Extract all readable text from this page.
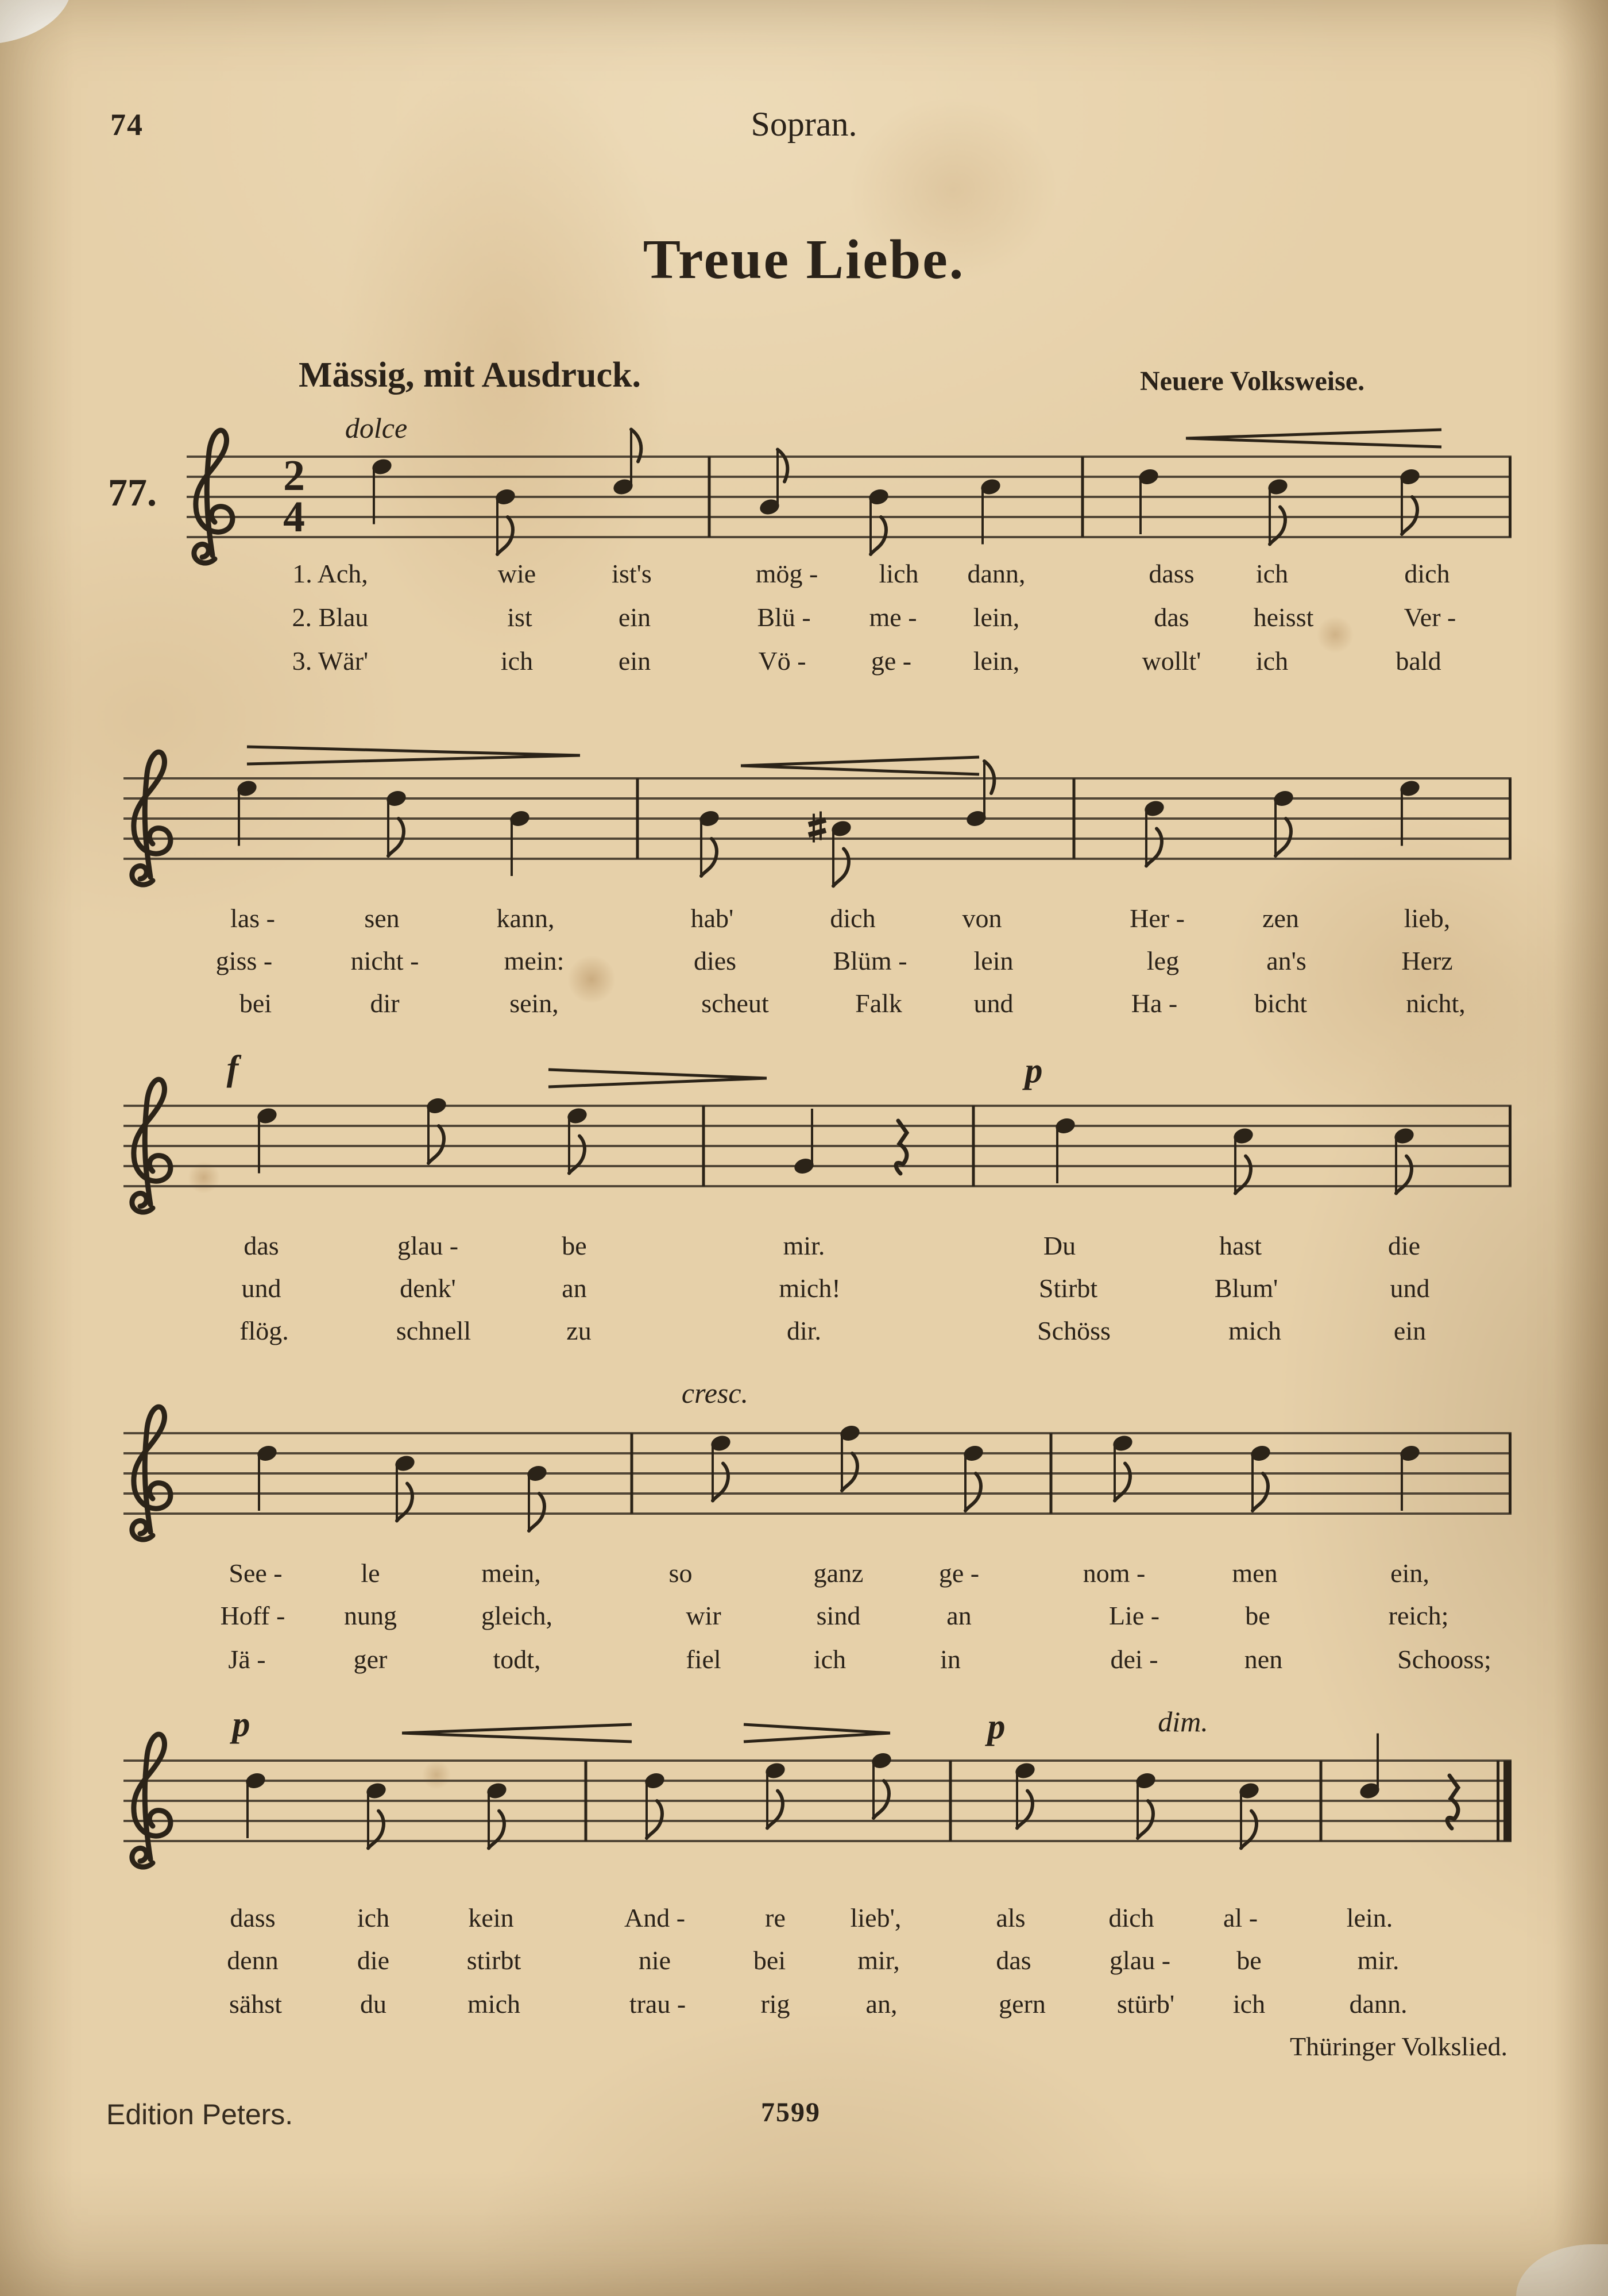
74	Sopran.
Treue Liebe.
Mässig, mit Ausdruck.	Neuere Volksweise.
77.
Thüringer Volkslied.
Edition Peters.	7599
2
4
dolce
1. Ach,	wie	ist's	mög - lich dann,	dass ich	dich
2. Blau	ist	ein	Blü - me - lein,	das heisst	Ver -
3. Wär'	ich	ein	Vö - ge - lein,	wollt' ich	bald
las -	sen	kann,	hab'	dich	von	Her -	zen	lieb,
giss -	nicht -	mein:	dies	Blüm -	lein	leg	an's	Herz
bei	dir	sein,	scheut	Falk	und	Ha -	bicht	nicht,
f	p
das	glau -	be	mir.	Du	hast	die
und	denk'	an	mich!	Stirbt	Blum'	und
flög.	schnell	zu	dir.	Schöss	mich	ein
cresc.
See -	le	mein,	so	ganz	ge -	nom -	men	ein,
Hoff - nung	gleich,	wir	sind	an	Lie -	be	reich;
Jä -	ger	todt,	fiel	ich	in	dei -	nen	Schooss;
p	p	dim.
dass	ich	kein	And -	re lieb',	als	dich	al -	lein.
denn	die	stirbt	nie	bei	mir,	das	glau -	be	mir.
sähst	du	mich	trau -	rig	an,	gern	stürb' ich	dann.
